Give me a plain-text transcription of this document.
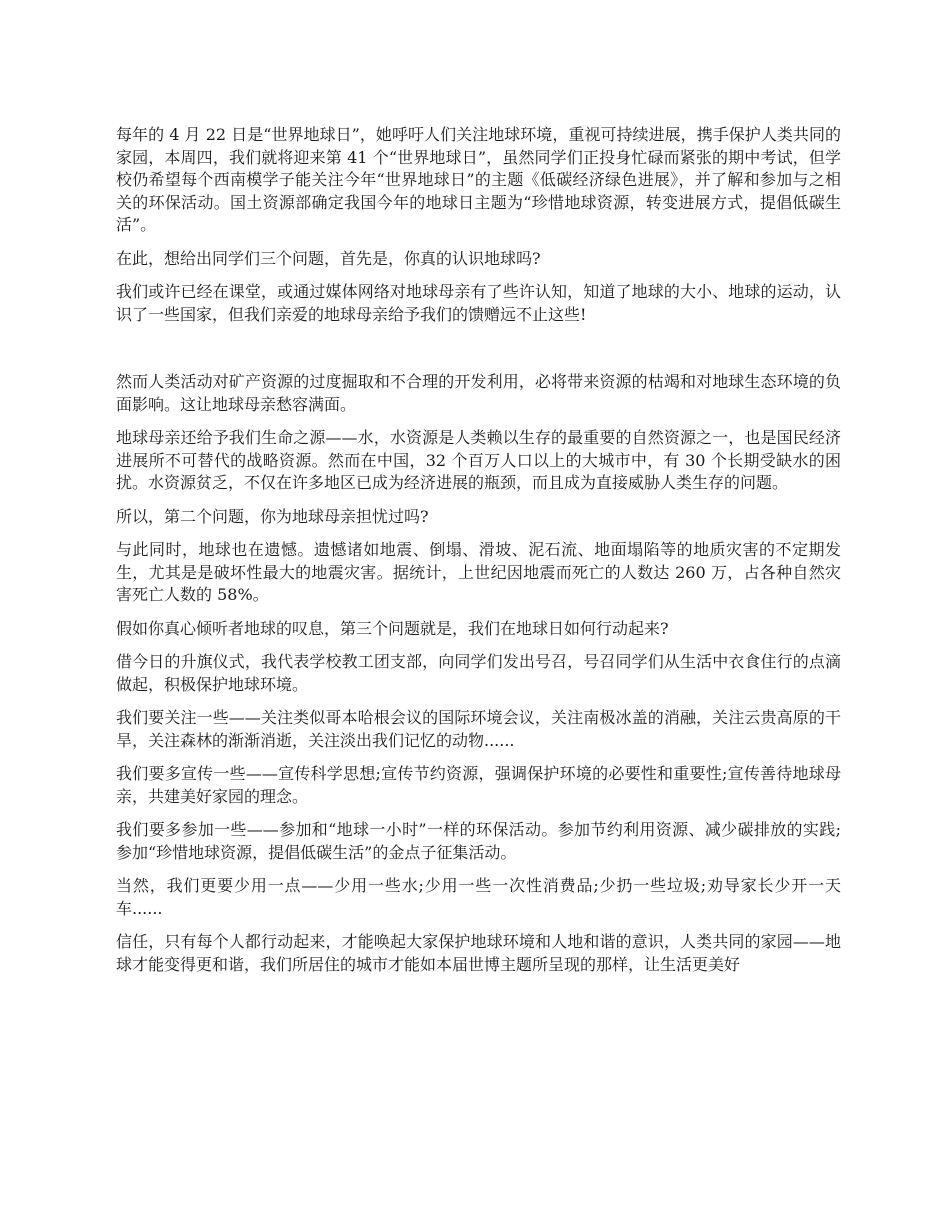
每年的 4 月 22 日是“世界地球日”，她呼吁人们关注地球环境，重视可持续进展，携手保护人类共同的家园，本周四，我们就将迎来第 41 个“世界地球日”，虽然同学们正投身忙碌而紧张的期中考试，但学校仍希望每个西南模学子能关注今年“世界地球日”的主题《低碳经济绿色进展》，并了解和参加与之相关的环保活动。国土资源部确定我国今年的地球日主题为“珍惜地球资源，转变进展方式，提倡低碳生活”。

在此，想给出同学们三个问题，首先是，你真的认识地球吗?

我们或许已经在课堂，或通过媒体网络对地球母亲有了些许认知，知道了地球的大小、地球的运动，认识了一些国家，但我们亲爱的地球母亲给予我们的馈赠远不止这些!

然而人类活动对矿产资源的过度掘取和不合理的开发利用，必将带来资源的枯竭和对地球生态环境的负面影响。这让地球母亲愁容满面。

地球母亲还给予我们生命之源——水，水资源是人类赖以生存的最重要的自然资源之一，也是国民经济进展所不可替代的战略资源。然而在中国，32 个百万人口以上的大城市中，有 30 个长期受缺水的困扰。水资源贫乏，不仅在许多地区已成为经济进展的瓶颈，而且成为直接威胁人类生存的问题。

所以，第二个问题，你为地球母亲担忧过吗?

与此同时，地球也在遗憾。遗憾诸如地震、倒塌、滑坡、泥石流、地面塌陷等的地质灾害的不定期发生，尤其是是破坏性最大的地震灾害。据统计，上世纪因地震而死亡的人数达 260 万，占各种自然灾害死亡人数的 58%。

假如你真心倾听者地球的叹息，第三个问题就是，我们在地球日如何行动起来?

借今日的升旗仪式，我代表学校教工团支部，向同学们发出号召，号召同学们从生活中衣食住行的点滴做起，积极保护地球环境。

我们要关注一些——关注类似哥本哈根会议的国际环境会议，关注南极冰盖的消融，关注云贵高原的干旱，关注森林的渐渐消逝，关注淡出我们记忆的动物......

我们要多宣传一些——宣传科学思想;宣传节约资源，强调保护环境的必要性和重要性;宣传善待地球母亲，共建美好家园的理念。

我们要多参加一些——参加和“地球一小时”一样的环保活动。参加节约利用资源、减少碳排放的实践;参加“珍惜地球资源，提倡低碳生活”的金点子征集活动。

当然，我们更要少用一点——少用一些水;少用一些一次性消费品;少扔一些垃圾;劝导家长少开一天车......

信任，只有每个人都行动起来，才能唤起大家保护地球环境和人地和谐的意识，人类共同的家园——地球才能变得更和谐，我们所居住的城市才能如本届世博主题所呈现的那样，让生活更美好
